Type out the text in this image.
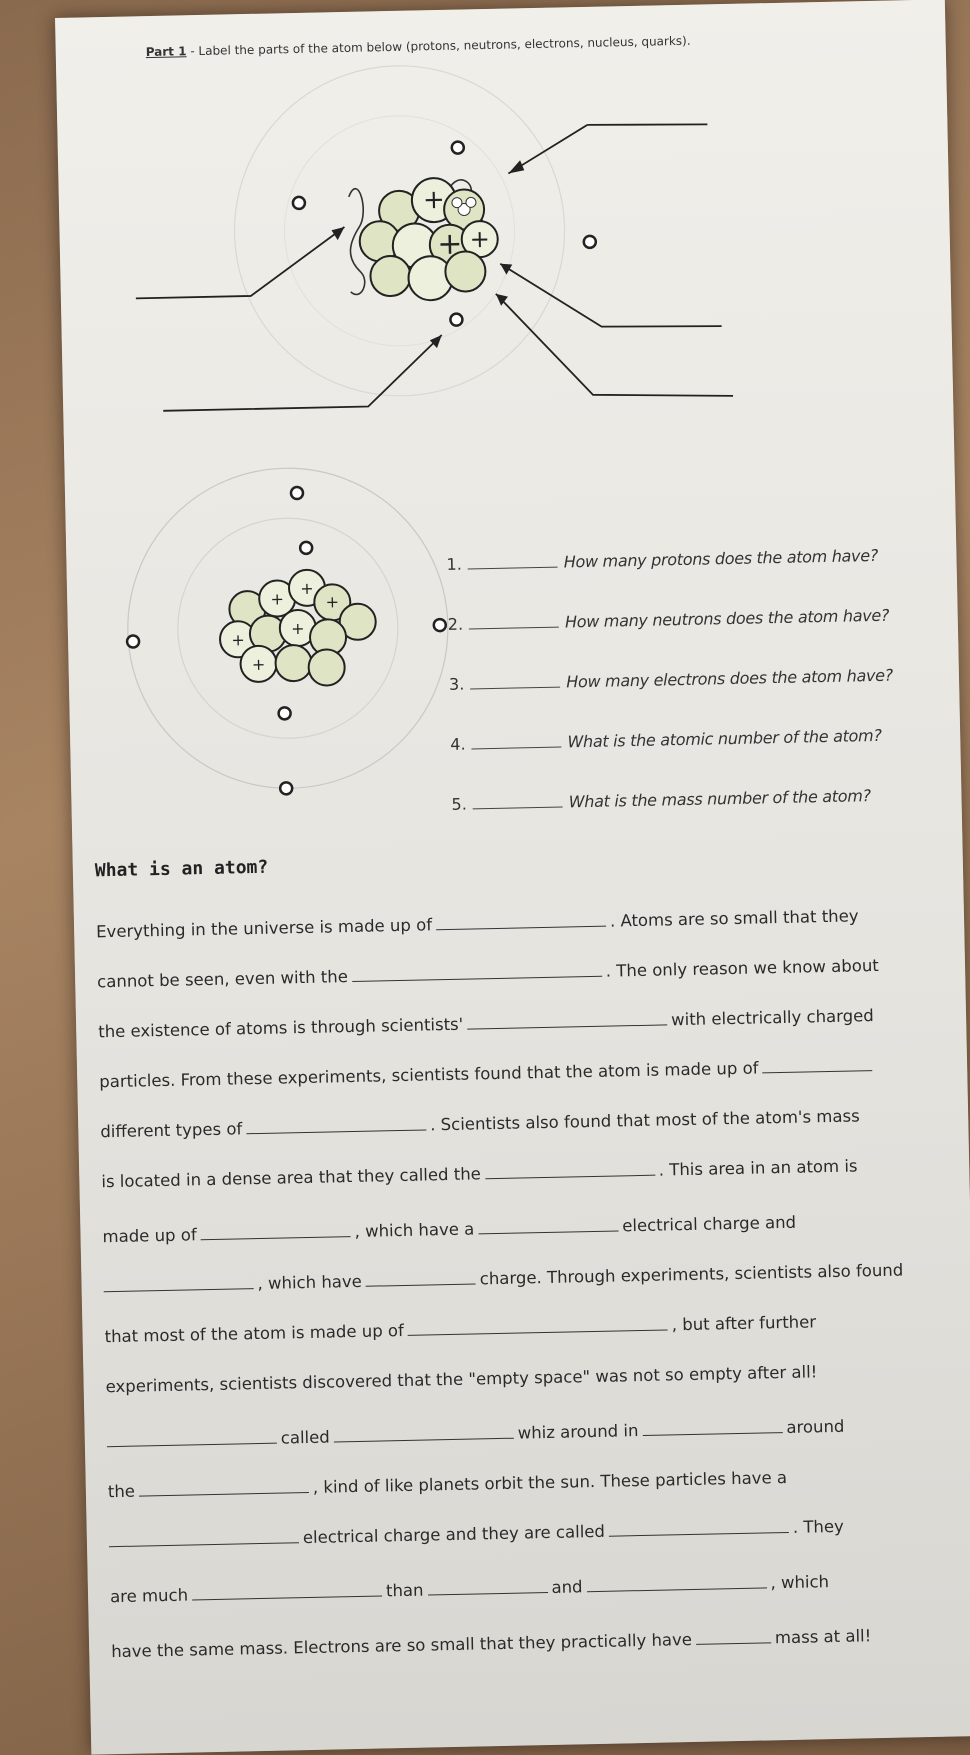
Part 1 - Label the parts of the atom below (protons, neutrons, electrons, nucleus, quarks).
+
+ +
+
+
+
+
+
+
1.	How many protons does the atom have?
2.	How many neutrons does the atom have?
3.	How many electrons does the atom have?
4.	What is the atomic number of the atom?
5.	What is the mass number of the atom?
What is an atom?
Everything in the universe is made up of	. Atoms are so small that they
cannot be seen, even with the	. The only reason we know about
the existence of atoms is through scientists'	with electrically charged
particles. From these experiments, scientists found that the atom is made up of
different types of	. Scientists also found that most of the atom's mass
is located in a dense area that they called the	. This area in an atom is
made up of	, which have a	electrical charge and
, which have	charge. Through experiments, scientists also found
that most of the atom is made up of	, but after further
experiments, scientists discovered that the "empty space" was not so empty after all!
called	whiz around in	around
the	, kind of like planets orbit the sun. These particles have a
electrical charge and they are called	. They
are much	than	and	, which
have the same mass. Electrons are so small that they practically have	mass at all!
